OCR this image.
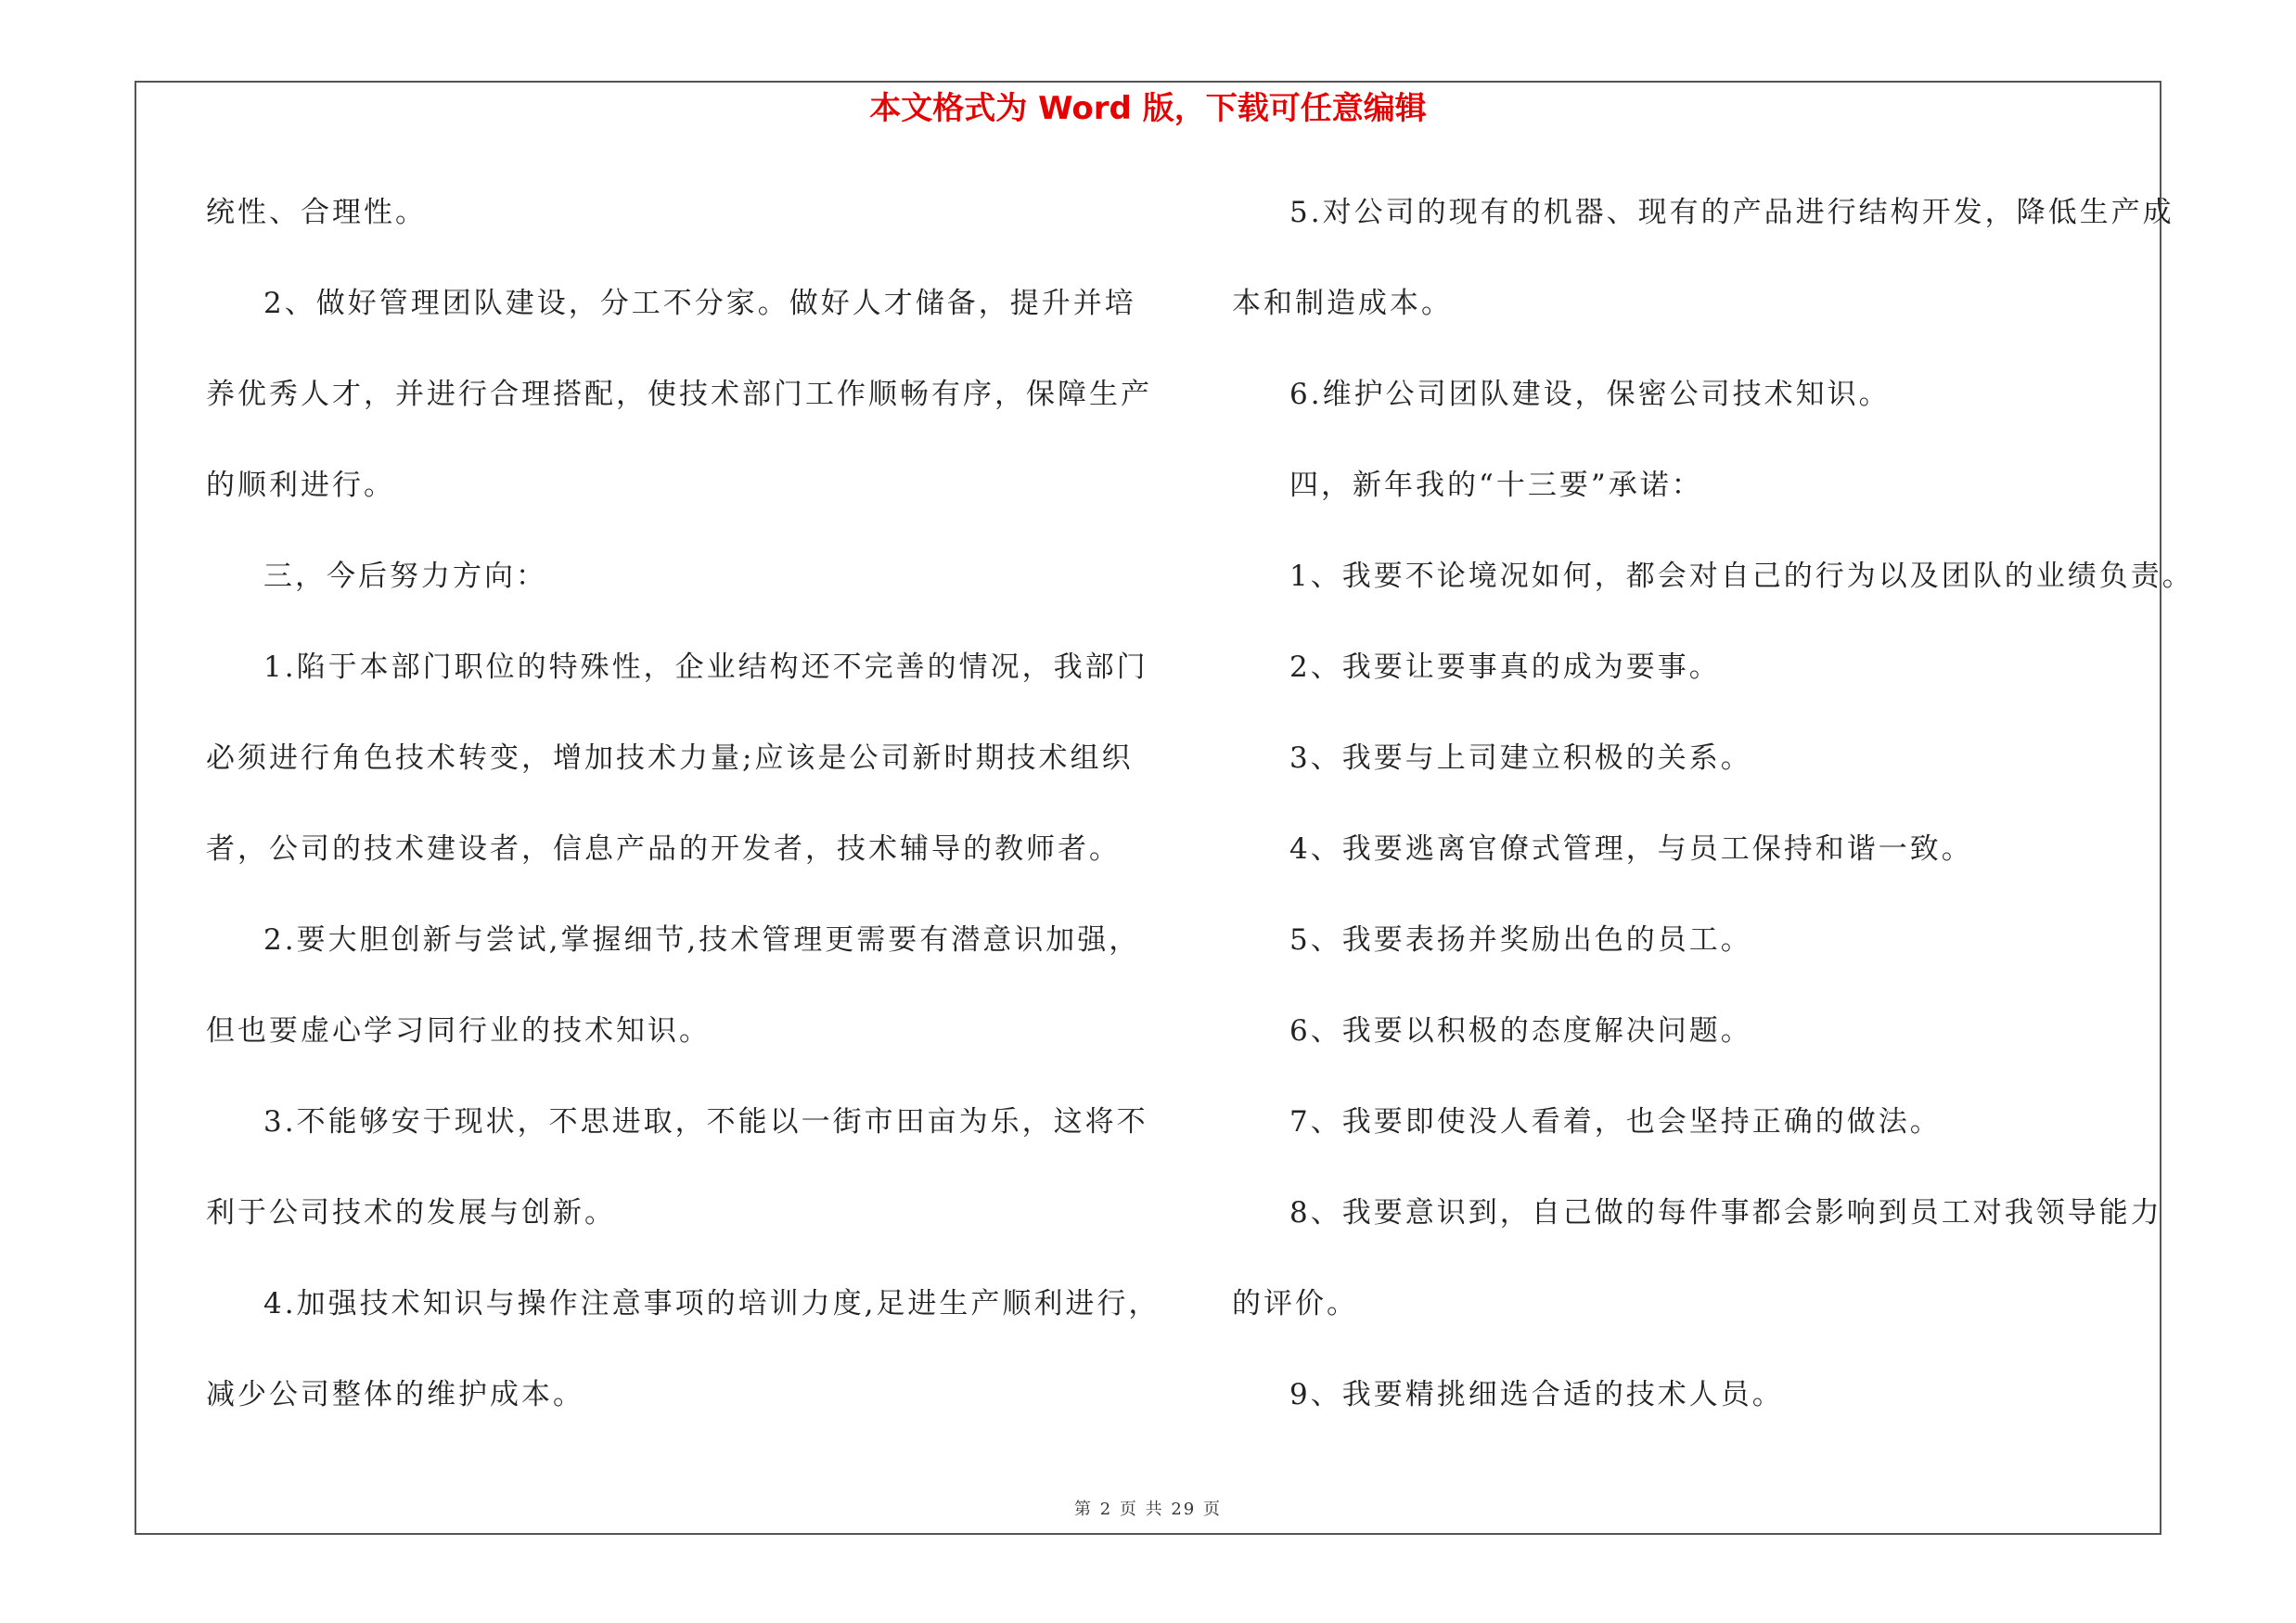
本文格式为 Word 版，下载可任意编辑
统性、合理性。
2、做好管理团队建设，分工不分家。做好人才储备，提升并培
养优秀人才，并进行合理搭配，使技术部门工作顺畅有序，保障生产
的顺利进行。
三，今后努力方向：
1.陷于本部门职位的特殊性，企业结构还不完善的情况，我部门
必须进行角色技术转变，增加技术力量;应该是公司新时期技术组织
者，公司的技术建设者，信息产品的开发者，技术辅导的教师者。
2.要大胆创新与尝试,掌握细节,技术管理更需要有潜意识加强，
但也要虚心学习同行业的技术知识。
3.不能够安于现状，不思进取，不能以一街市田亩为乐，这将不
利于公司技术的发展与创新。
4.加强技术知识与操作注意事项的培训力度,足进生产顺利进行，
减少公司整体的维护成本。
5.对公司的现有的机器、现有的产品进行结构开发，降低生产成
本和制造成本。
6.维护公司团队建设，保密公司技术知识。
四，新年我的“十三要”承诺：
1、我要不论境况如何，都会对自己的行为以及团队的业绩负责。
2、我要让要事真的成为要事。
3、我要与上司建立积极的关系。
4、我要逃离官僚式管理，与员工保持和谐一致。
5、我要表扬并奖励出色的员工。
6、我要以积极的态度解决问题。
7、我要即使没人看着，也会坚持正确的做法。
8、我要意识到，自己做的每件事都会影响到员工对我领导能力
的评价。
9、我要精挑细选合适的技术人员。
第 2 页 共 29 页
